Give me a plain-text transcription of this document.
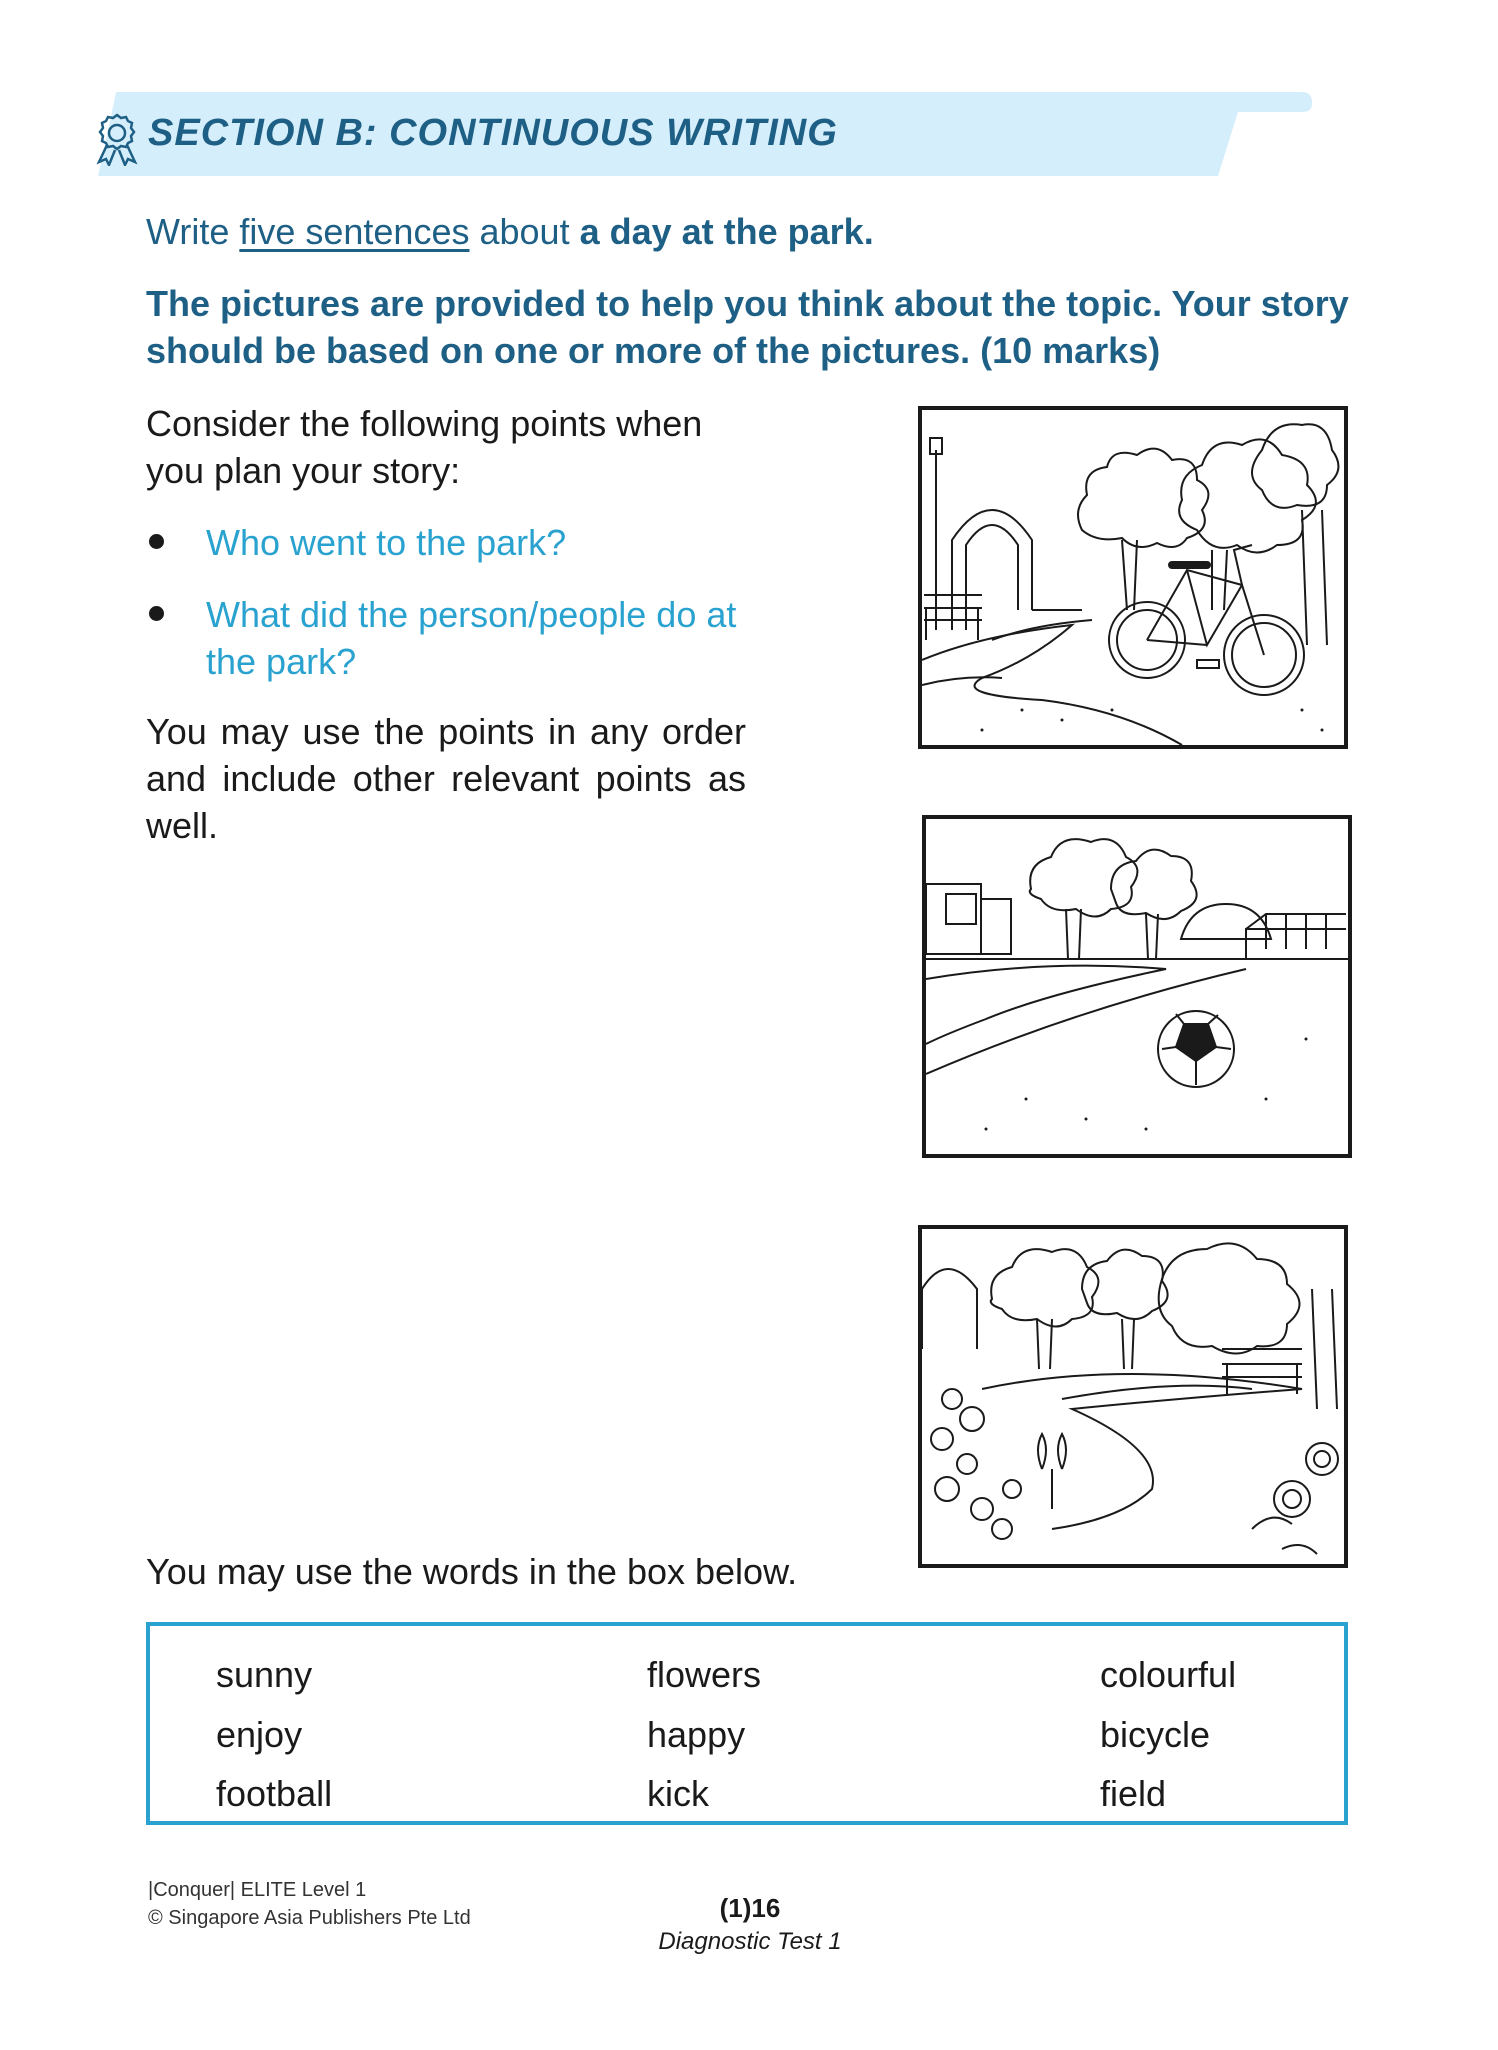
SECTION B: CONTINUOUS WRITING
Write five sentences about a day at the park.
The pictures are provided to help you think about the topic. Your story should be based on one or more of the pictures. (10 marks)
Consider the following points when you plan your story:
Who went to the park?
What did the person/people do at the park?
You may use the points in any order and include other relevant points as well.
You may use the words in the box below.
sunny
enjoy
football
flowers
happy
kick
colourful
bicycle
field
|Conquer| ELITE Level 1
© Singapore Asia Publishers Pte Ltd	(1)16
Diagnostic Test 1
